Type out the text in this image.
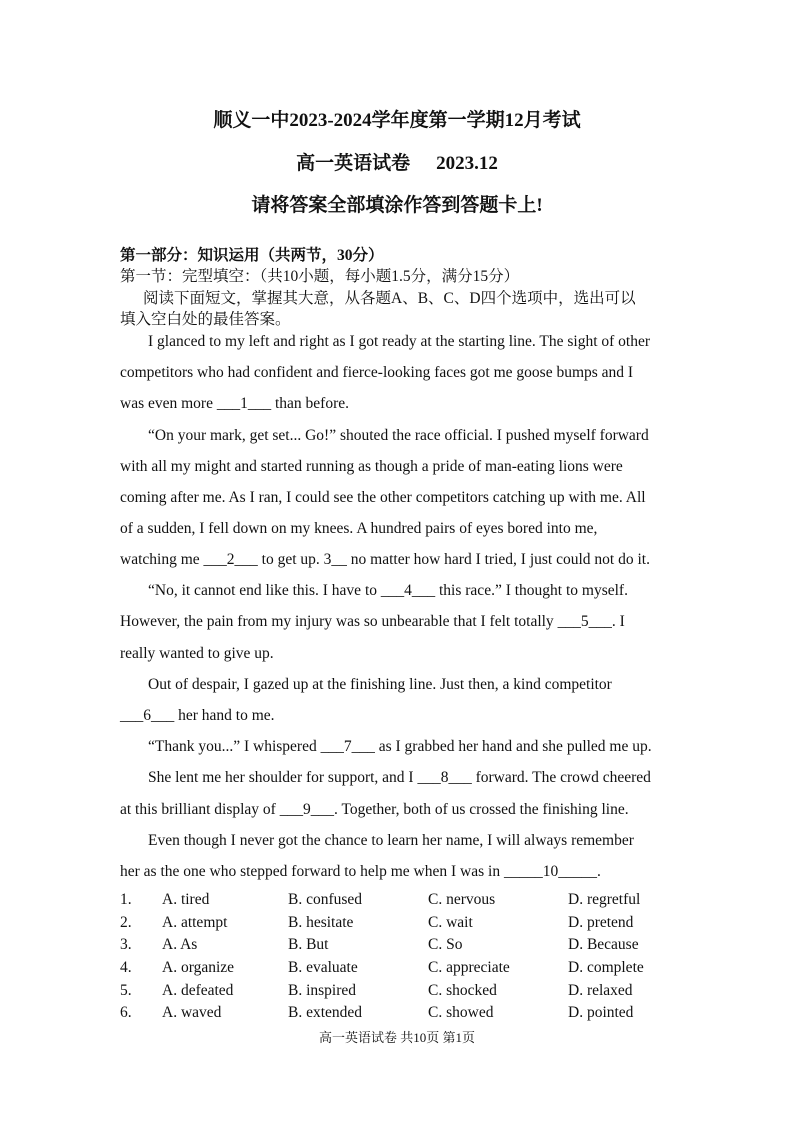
顺义一中2023-2024学年度第一学期12月考试
高一英语试卷 2023.12
请将答案全部填涂作答到答题卡上!
第一部分：知识运用（共两节，30分）
第一节：完型填空：（共10小题，每小题1.5分，满分15分）
阅读下面短文，掌握其大意，从各题A、B、C、D四个选项中，选出可以
填入空白处的最佳答案。
I glanced to my left and right as I got ready at the starting line. The sight of other
competitors who had confident and fierce-looking faces got me goose bumps and I
was even more ___1___ than before.
“On your mark, get set... Go!” shouted the race official. I pushed myself forward
with all my might and started running as though a pride of man-eating lions were
coming after me. As I ran, I could see the other competitors catching up with me. All
of a sudden, I fell down on my knees. A hundred pairs of eyes bored into me,
watching me ___2___ to get up. 3__ no matter how hard I tried, I just could not do it.
“No, it cannot end like this. I have to ___4___ this race.” I thought to myself.
However, the pain from my injury was so unbearable that I felt totally ___5___. I
really wanted to give up.
Out of despair, I gazed up at the finishing line. Just then, a kind competitor
___6___ her hand to me.
“Thank you...” I whispered ___7___ as I grabbed her hand and she pulled me up.
She lent me her shoulder for support, and I ___8___ forward. The crowd cheered
at this brilliant display of ___9___. Together, both of us crossed the finishing line.
Even though I never got the chance to learn her name, I will always remember
her as the one who stepped forward to help me when I was in _____10_____.
1. A. tired	B. confused	C. nervous	D. regretful
2. A. attempt	B. hesitate	C. wait	D. pretend
3. A. As	B. But	C. So	D. Because
4. A. organize	B. evaluate	C. appreciate	D. complete
5. A. defeated	B. inspired	C. shocked	D. relaxed
6. A. waved	B. extended	C. showed	D. pointed
高一英语试卷 共10页 第1页
